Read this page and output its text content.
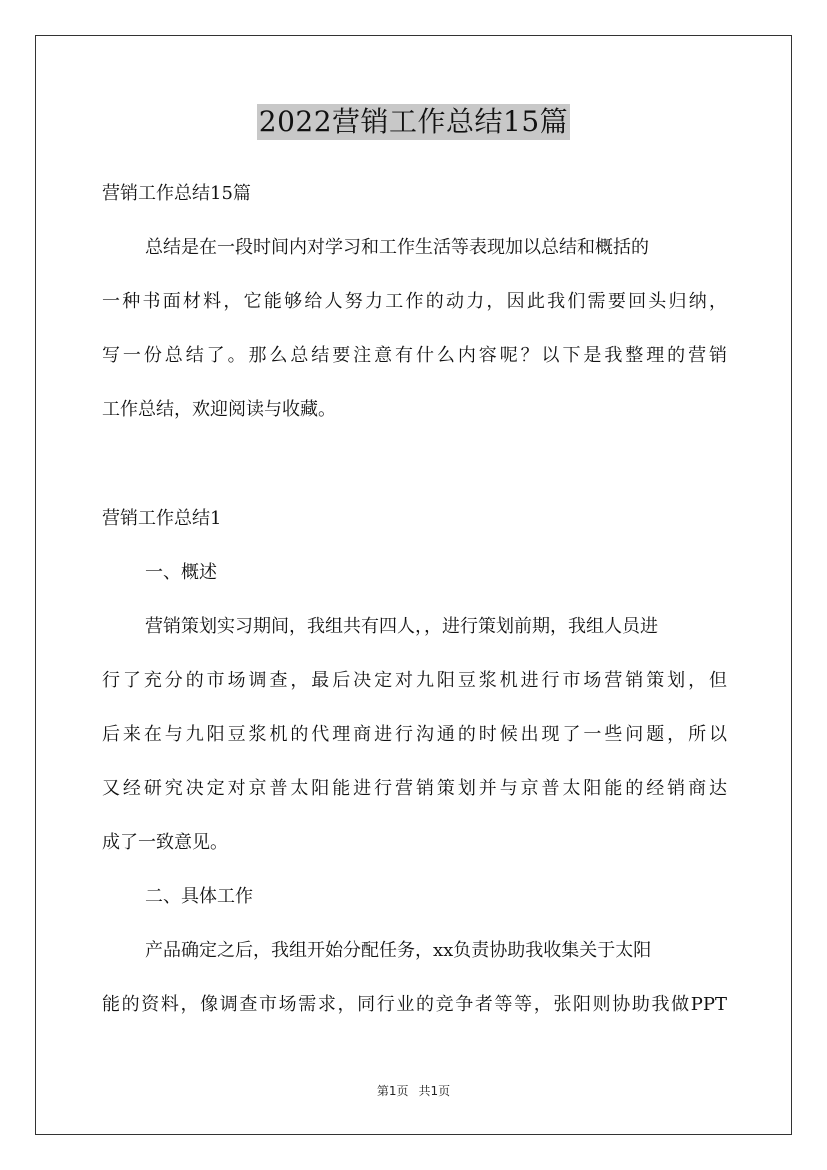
2022营销工作总结15篇
营销工作总结15篇
总结是在一段时间内对学习和工作生活等表现加以总结和概括的
一种书面材料，它能够给人努力工作的动力，因此我们需要回头归纳，
写一份总结了。那么总结要注意有什么内容呢？以下是我整理的营销
工作总结，欢迎阅读与收藏。
营销工作总结1
一、概述
营销策划实习期间，我组共有四人，，进行策划前期，我组人员进
行了充分的市场调查，最后决定对九阳豆浆机进行市场营销策划，但
后来在与九阳豆浆机的代理商进行沟通的时候出现了一些问题，所以
又经研究决定对京普太阳能进行营销策划并与京普太阳能的经销商达
成了一致意见。
二、具体工作
产品确定之后，我组开始分配任务，xx负责协助我收集关于太阳
能的资料，像调查市场需求，同行业的竞争者等等，张阳则协助我做PPT
第1页 共1页
